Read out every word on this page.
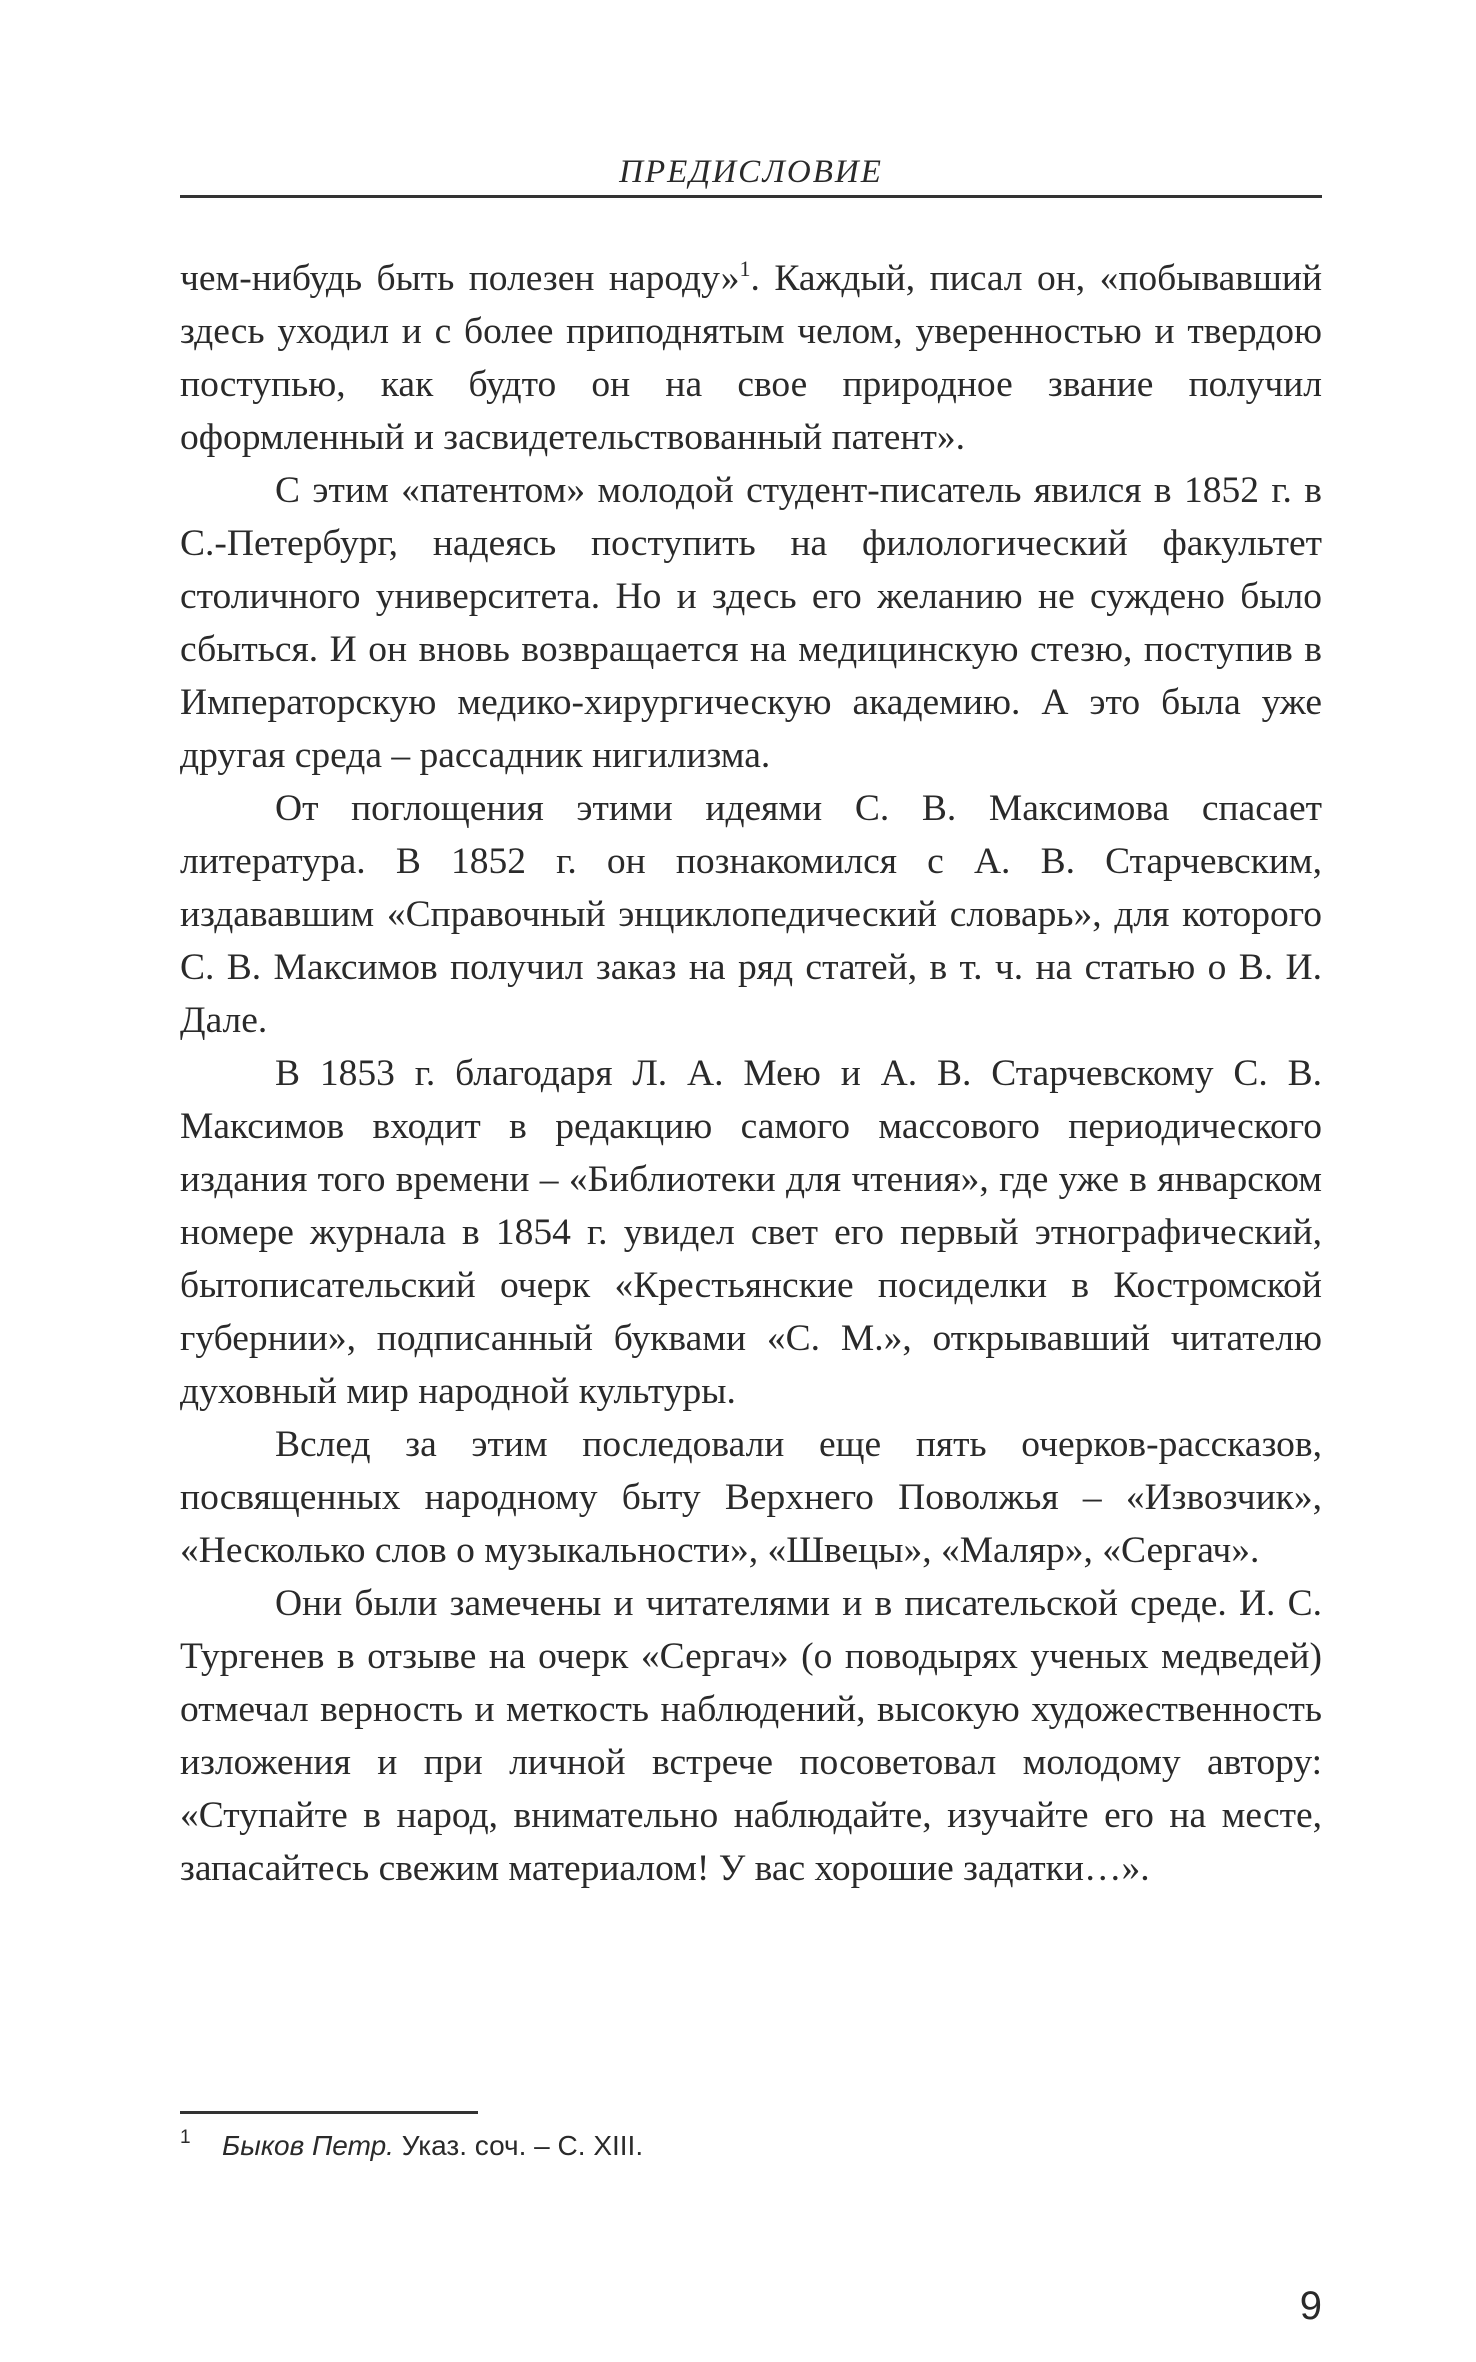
ПРЕДИСЛОВИЕ

чем-нибудь быть полезен народу»$^1$. Каждый, писал он, «побывавший здесь уходил и с более приподнятым челом, уверенностью и твердою поступью, как будто он на свое природное звание получил оформленный и засвидетельствованный патент».

С этим «патентом» молодой студент-писатель явился в 1852 г. в С.-Петербург, надеясь поступить на филологический факультет столичного университета. Но и здесь его желанию не суждено было сбыться. И он вновь возвращается на медицинскую стезю, поступив в Императорскую медико-хирургическую академию. А это была уже другая среда – рассадник нигилизма.

От поглощения этими идеями С. В. Максимова спасает литература. В 1852 г. он познакомился с А. В. Старчевским, издававшим «Справочный энциклопедический словарь», для которого С. В. Максимов получил заказ на ряд статей, в т. ч. на статью о В. И. Дале.

В 1853 г. благодаря Л. А. Мею и А. В. Старчевскому С. В. Максимов входит в редакцию самого массового периодического издания того времени – «Библиотеки для чтения», где уже в январском номере журнала в 1854 г. увидел свет его первый этнографический, бытописательский очерк «Крестьянские посиделки в Костромской губернии», подписанный буквами «С. М.», открывавший читателю духовный мир народной культуры.

Вслед за этим последовали еще пять очерков-рассказов, посвященных народному быту Верхнего Поволжья – «Извозчик», «Несколько слов о музыкальности», «Швецы», «Маляр», «Сергач».

Они были замечены и читателями и в писательской среде. И. С. Тургенев в отзыве на очерк «Сергач» (о поводырях ученых медведей) отмечал верность и меткость наблюдений, высокую художественность изложения и при личной встрече посоветовал молодому автору: «Ступайте в народ, внимательно наблюдайте, изучайте его на месте, запасайтесь свежим материалом! У вас хорошие задатки…».

1 Быков Петр. Указ. соч. – С. XIII.
9
